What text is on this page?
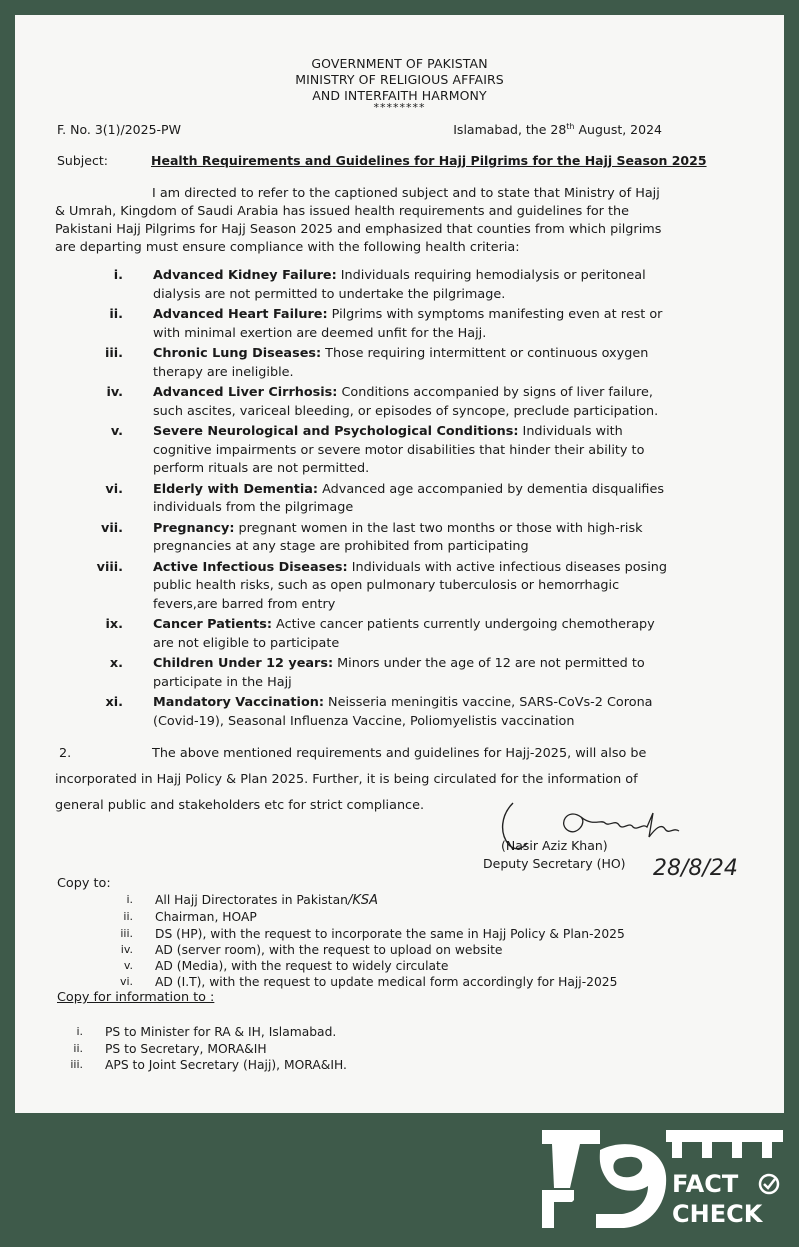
GOVERNMENT OF PAKISTAN
MINISTRY OF RELIGIOUS AFFAIRS
AND INTERFAITH HARMONY
********
F. No. 3(1)/2025-PW	Islamabad, the 28th August, 2024
Subject:	Health Requirements and Guidelines for Hajj Pilgrims for the Hajj Season 2025

I am directed to refer to the captioned subject and to state that Ministry of Hajj & Umrah, Kingdom of Saudi Arabia has issued health requirements and guidelines for the Pakistani Hajj Pilgrims for Hajj Season 2025 and emphasized that counties from which pilgrims are departing must ensure compliance with the following health criteria:

i. Advanced Kidney Failure: Individuals requiring hemodialysis or peritoneal dialysis are not permitted to undertake the pilgrimage.
ii. Advanced Heart Failure: Pilgrims with symptoms manifesting even at rest or with minimal exertion are deemed unfit for the Hajj.
iii. Chronic Lung Diseases: Those requiring intermittent or continuous oxygen therapy are ineligible.
iv. Advanced Liver Cirrhosis: Conditions accompanied by signs of liver failure, such ascites, variceal bleeding, or episodes of syncope, preclude participation.
v. Severe Neurological and Psychological Conditions: Individuals with cognitive impairments or severe motor disabilities that hinder their ability to perform rituals are not permitted.
vi. Elderly with Dementia: Advanced age accompanied by dementia disqualifies individuals from the pilgrimage
vii. Pregnancy: pregnant women in the last two months or those with high-risk pregnancies at any stage are prohibited from participating
viii. Active Infectious Diseases: Individuals with active infectious diseases posing public health risks, such as open pulmonary tuberculosis or hemorrhagic fevers,are barred from entry
ix. Cancer Patients: Active cancer patients currently undergoing chemotherapy are not eligible to participate
x. Children Under 12 years: Minors under the age of 12 are not permitted to participate in the Hajj
xi. Mandatory Vaccination: Neisseria meningitis vaccine, SARS-CoVs-2 Corona (Covid-19), Seasonal Influenza Vaccine, Poliomyelistis vaccination

2.	The above mentioned requirements and guidelines for Hajj-2025, will also be incorporated in Hajj Policy & Plan 2025. Further, it is being circulated for the information of general public and stakeholders etc for strict compliance.

28/8/24
(Nasir Aziz Khan)
Deputy Secretary (HO)
Copy to:
i. All Hajj Directorates in Pakistan/KSA
ii. Chairman, HOAP
iii. DS (HP), with the request to incorporate the same in Hajj Policy & Plan-2025
iv. AD (server room), with the request to upload on website
v. AD (Media), with the request to widely circulate
vi. AD (I.T), with the request to update medical form accordingly for Hajj-2025
Copy for information to :
i. PS to Minister for RA & IH, Islamabad.
ii. PS to Secretary, MORA&IH
iii. APS to Joint Secretary (Hajj), MORA&IH.
FACT
CHECK
